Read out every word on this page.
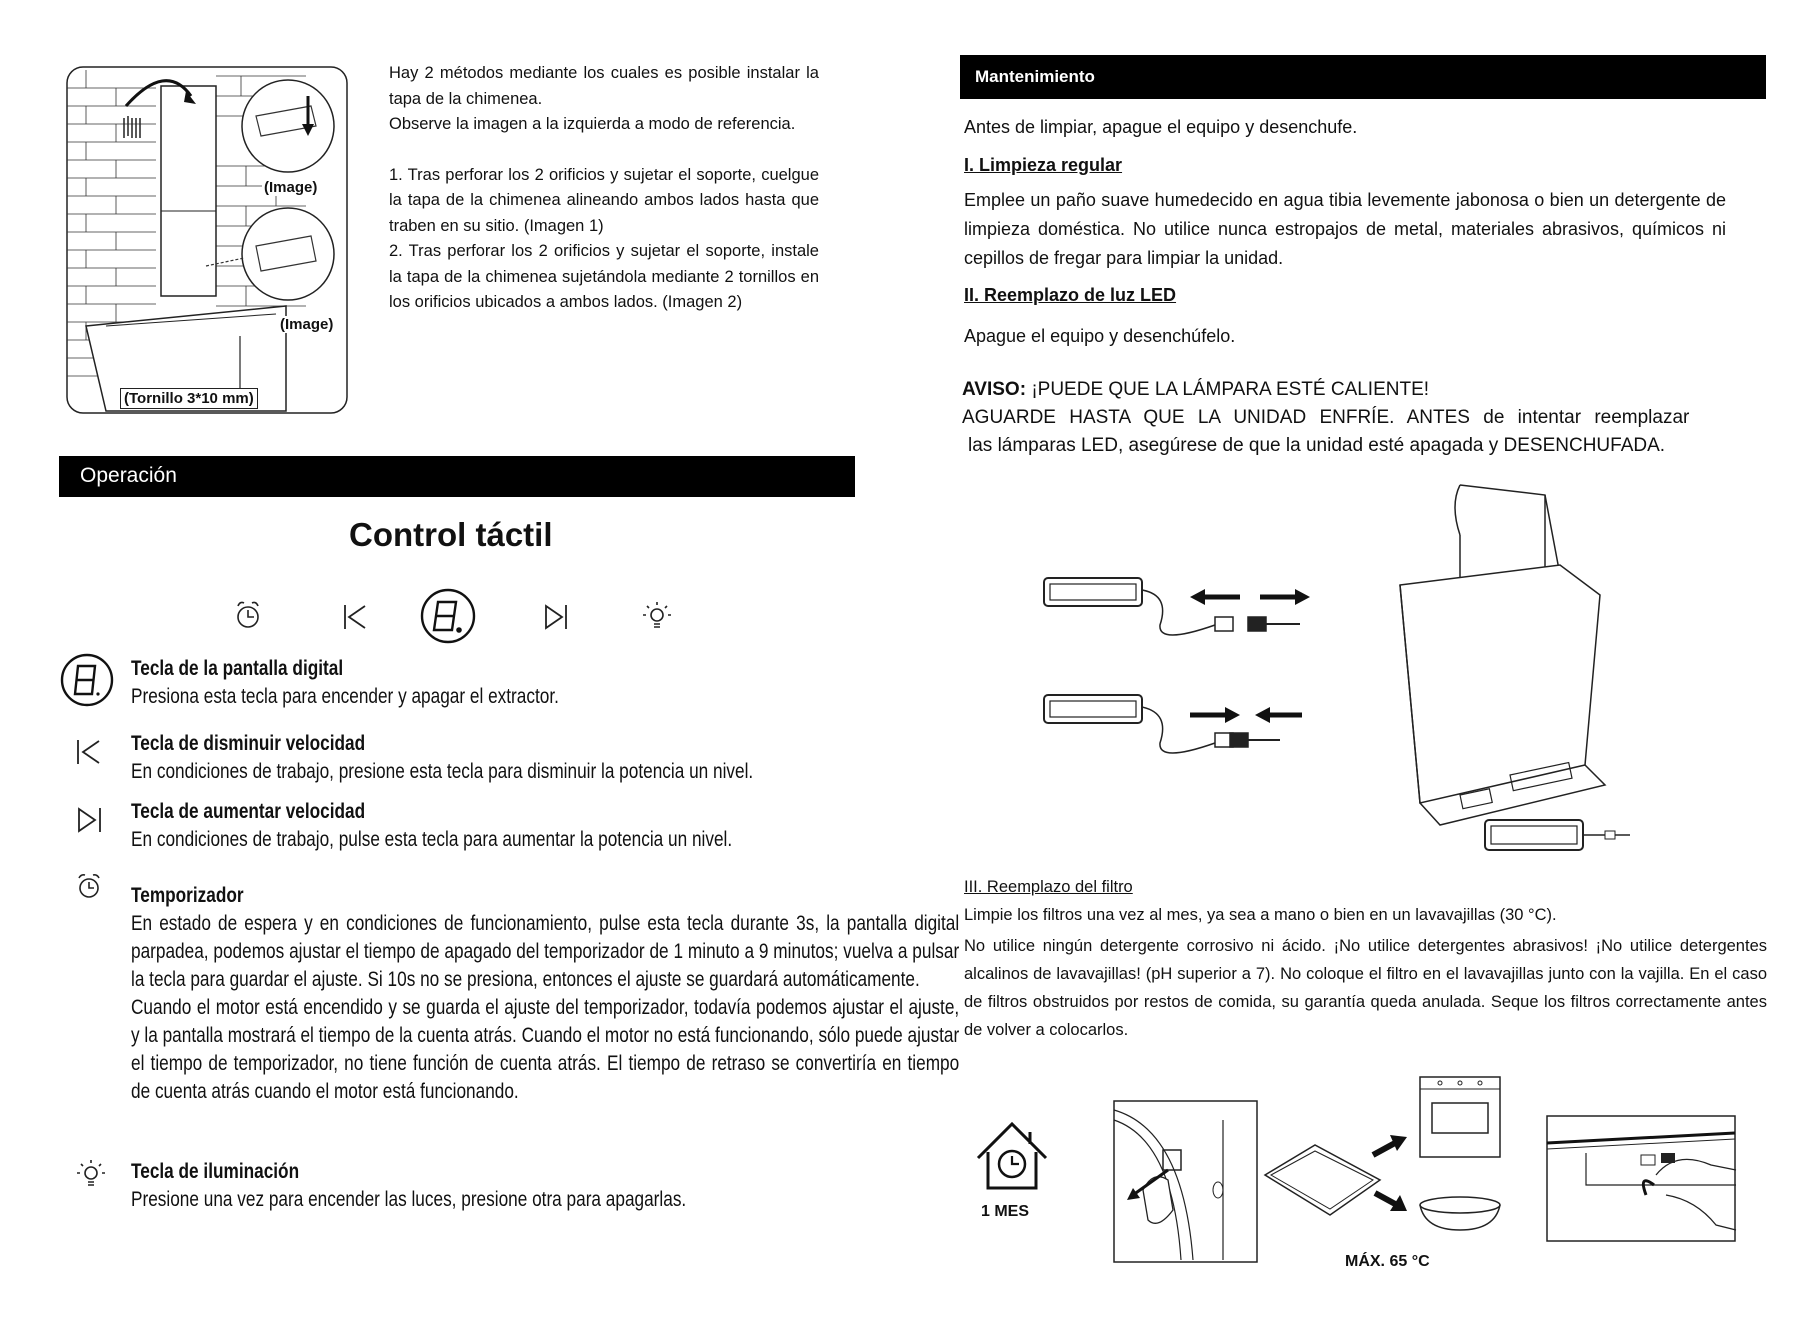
(Image)
(Image)
(Tornillo 3*10 mm)

Hay 2 métodos mediante los cuales es posible instalar la tapa de la chimenea.

Observe la imagen a la izquierda a modo de referencia.

1. Tras perforar los 2 orificios y sujetar el soporte, cuelgue la tapa de la chimenea alineando ambos lados hasta que traben en su sitio. (Imagen 1)

2. Tras perforar los 2 orificios y sujetar el soporte, instale la tapa de la chimenea sujetándola mediante 2 tornillos en los orificios ubicados a ambos lados. (Imagen 2)

Operación
Control táctil
Tecla de la pantalla digital
Presiona esta tecla para encender y apagar el extractor.
Tecla de disminuir velocidad
En condiciones de trabajo, presione esta tecla para disminuir la potencia un nivel.
Tecla de aumentar velocidad
En condiciones de trabajo, pulse esta tecla para aumentar la potencia un nivel.
Temporizador
En estado de espera y en condiciones de funcionamiento, pulse esta tecla durante 3s, la pantalla digital parpadea, podemos ajustar el tiempo de apagado del temporizador de 1 minuto a 9 minutos; vuelva a pulsar la tecla para guardar el ajuste. Si 10s no se presiona, entonces el ajuste se guardará automáticamente.
Cuando el motor está encendido y se guarda el ajuste del temporizador, todavía podemos ajustar el ajuste, y la pantalla mostrará el tiempo de la cuenta atrás. Cuando el motor no está funcionando, sólo puede ajustar el tiempo de temporizador, no tiene función de cuenta atrás. El tiempo de retraso se convertiría en tiempo de cuenta atrás cuando el motor está funcionando.
Tecla de iluminación
Presione una vez para encender las luces, presione otra para apagarlas.
Mantenimiento
Antes de limpiar, apague el equipo y desenchufe.
I. Limpieza regular
Emplee un paño suave humedecido en agua tibia levemente jabonosa o bien un detergente de limpieza doméstica. No utilice nunca estropajos de metal, materiales abrasivos, químicos ni cepillos de fregar para limpiar la unidad.
II. Reemplazo de luz LED
Apague el equipo y desenchúfelo.
AVISO: ¡PUEDE QUE LA LÁMPARA ESTÉ CALIENTE!
AGUARDE HASTA QUE LA UNIDAD ENFRÍE. ANTES de intentar reemplazar
las lámparas LED, asegúrese de que la unidad esté apagada y DESENCHUFADA.
III. Reemplazo del filtro
Limpie los filtros una vez al mes, ya sea a mano o bien en un lavavajillas (30 °C).
No utilice ningún detergente corrosivo ni ácido. ¡No utilice detergentes abrasivos! ¡No utilice detergentes alcalinos de lavavajillas! (pH superior a 7). No coloque el filtro en el lavavajillas junto con la vajilla. En el caso de filtros obstruidos por restos de comida, su garantía queda anulada. Seque los filtros correctamente antes de volver a colocarlos.
1 MES
MÁX. 65 °C
